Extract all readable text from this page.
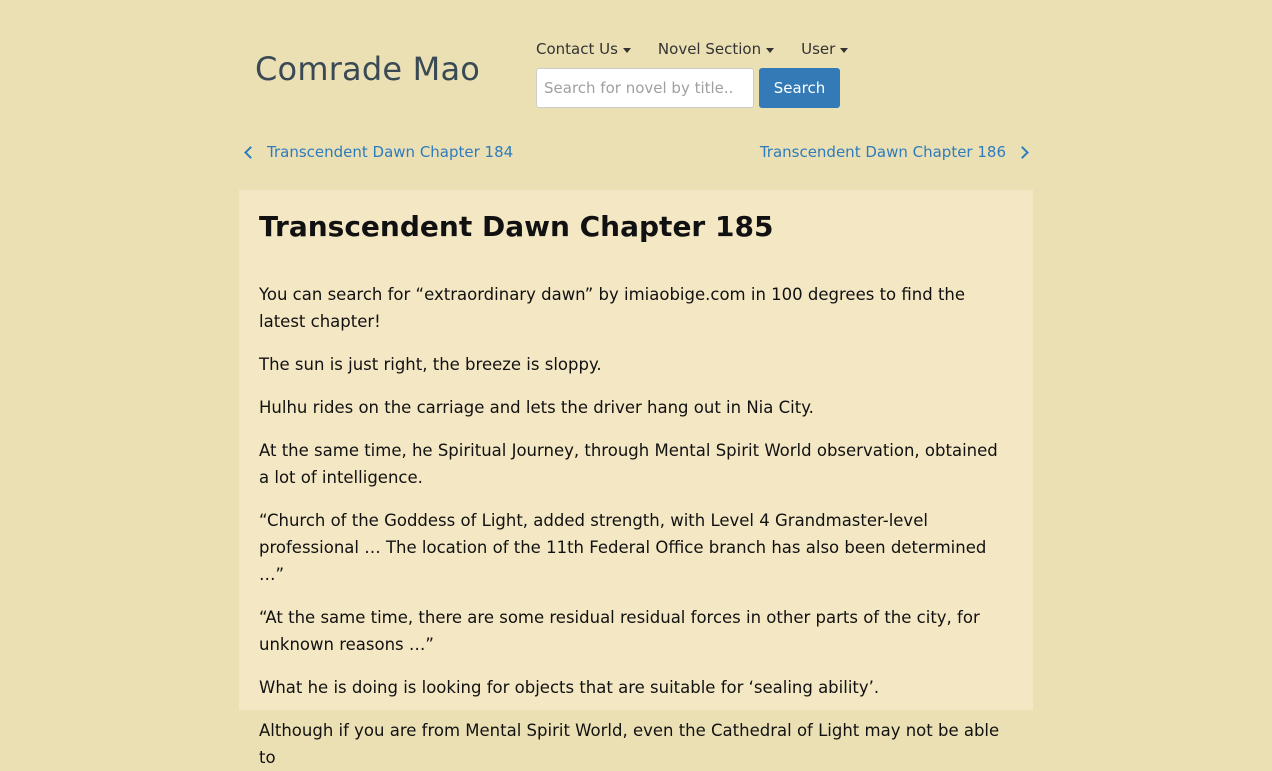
Comrade Mao
Contact Us	Novel Section	User
Search for novel by title..
Search
Transcendent Dawn Chapter 184	Transcendent Dawn Chapter 186
Transcendent Dawn Chapter 185

You can search for “extraordinary dawn” by imiaobige.com in 100 degrees to find the latest chapter!

The sun is just right, the breeze is sloppy.

Hulhu rides on the carriage and lets the driver hang out in Nia City.

At the same time, he Spiritual Journey, through Mental Spirit World observation, obtained a lot of intelligence.

“Church of the Goddess of Light, added strength, with Level 4 Grandmaster-level professional … The location of the 11th Federal Office branch has also been determined …”

“At the same time, there are some residual residual forces in other parts of the city, for unknown reasons …”

What he is doing is looking for objects that are suitable for ‘sealing ability’.

Although if you are from Mental Spirit World, even the Cathedral of Light may not be able to
